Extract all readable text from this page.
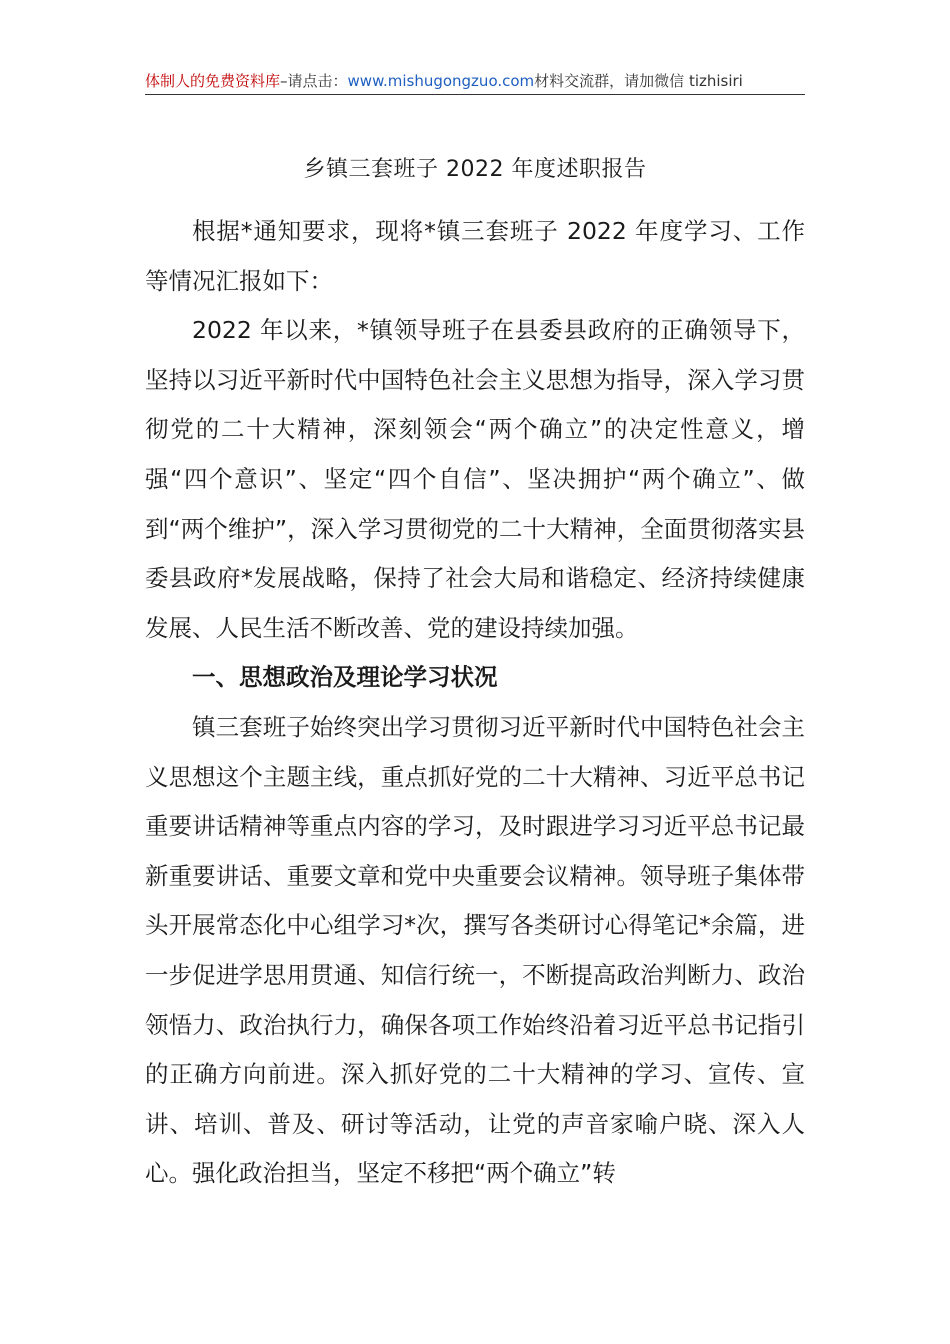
体制人的免费资料库–请点击：www.mishugongzuo.com材料交流群，请加微信 tizhisiri
乡镇三套班子 2022 年度述职报告

根据*通知要求，现将*镇三套班子 2022 年度学习、工作等情况汇报如下：

2022 年以来，*镇领导班子在县委县政府的正确领导下，坚持以习近平新时代中国特色社会主义思想为指导，深入学习贯彻党的二十大精神，深刻领会“两个确立”的决定性意义，增强“四个意识”、坚定“四个自信”、坚决拥护“两个确立”、做到“两个维护”，深入学习贯彻党的二十大精神，全面贯彻落实县委县政府*发展战略，保持了社会大局和谐稳定、经济持续健康发展、人民生活不断改善、党的建设持续加强。

一、思想政治及理论学习状况

镇三套班子始终突出学习贯彻习近平新时代中国特色社会主义思想这个主题主线，重点抓好党的二十大精神、习近平总书记重要讲话精神等重点内容的学习，及时跟进学习习近平总书记最新重要讲话、重要文章和党中央重要会议精神。领导班子集体带头开展常态化中心组学习*次，撰写各类研讨心得笔记*余篇，进一步促进学思用贯通、知信行统一，不断提高政治判断力、政治领悟力、政治执行力，确保各项工作始终沿着习近平总书记指引的正确方向前进。深入抓好党的二十大精神的学习、宣传、宣讲、培训、普及、研讨等活动，让党的声音家喻户晓、深入人心。强化政治担当，坚定不移把“两个确立”转
